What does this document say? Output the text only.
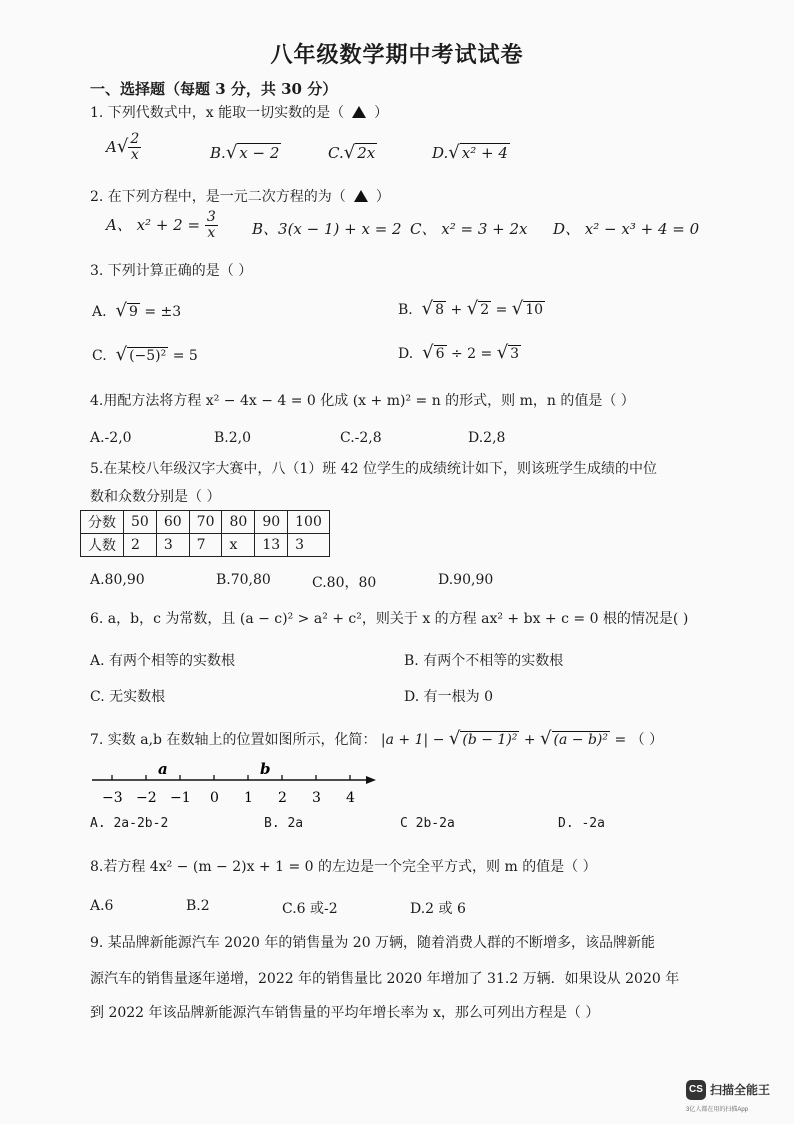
八年级数学期中考试试卷
一、选择题（每题 3 分，共 30 分）
1. 下列代数式中，x 能取一切实数的是（ ）
$A√ \frac{2}{x}$	B.√ x − 2	C.√ 2x	D.√ x² + 4
2. 在下列方程中，是一元二次方程的为（ ）
A、 $x^2 + 2 = \frac{3}{x}$ B、3(x − 1) + x = 2 C、 x² = 3 + 2x D、 x² − x³ + 4 = 0
3. 下列计算正确的是（ ）
A. √ 9 = ±3	B. √ 8 + √ 2 = √ 10
C. √ (−5)² = 5	D. √ 6 ÷ 2 = √ 3
4.用配方法将方程 x² − 4x − 4 = 0 化成 (x + m)² = n 的形式，则 m，n 的值是（ ）
A.-2,0	B.2,0	C.-2,8	D.2,8
5.在某校八年级汉字大赛中，八（1）班 42 位学生的成绩统计如下，则该班学生成绩的中位
数和众数分别是（ ）
分数	50	60	70	80	90	100
人数	2	3	7	x	13	3
A.80,90	B.70,80	C.80，80	D.90,90
6. a，b，c 为常数，且 (a − c)² > a² + c²，则关于 x 的方程 ax² + bx + c = 0 根的情况是( )
A. 有两个相等的实数根	B. 有两个不相等的实数根
C. 无实数根	D. 有一根为 0
7. 实数 a,b 在数轴上的位置如图所示，化简： |a + 1| − √ (b − 1)² + √ (a − b)² = （ ）
a	b
−3 −2 −1 0 1 2 3 4
A. 2a-2b-2	B. 2a	C 2b-2a	D. -2a
8.若方程 4x² − (m − 2)x + 1 = 0 的左边是一个完全平方式，则 m 的值是（ ）
A.6	B.2	C.6 或-2	D.2 或 6
9. 某品牌新能源汽车 2020 年的销售量为 20 万辆，随着消费人群的不断增多，该品牌新能
源汽车的销售量逐年递增，2022 年的销售量比 2020 年增加了 31.2 万辆．如果设从 2020 年
到 2022 年该品牌新能源汽车销售量的平均年增长率为 x，那么可列出方程是（ ）
CS 扫描全能王
3亿人都在用的扫描App
